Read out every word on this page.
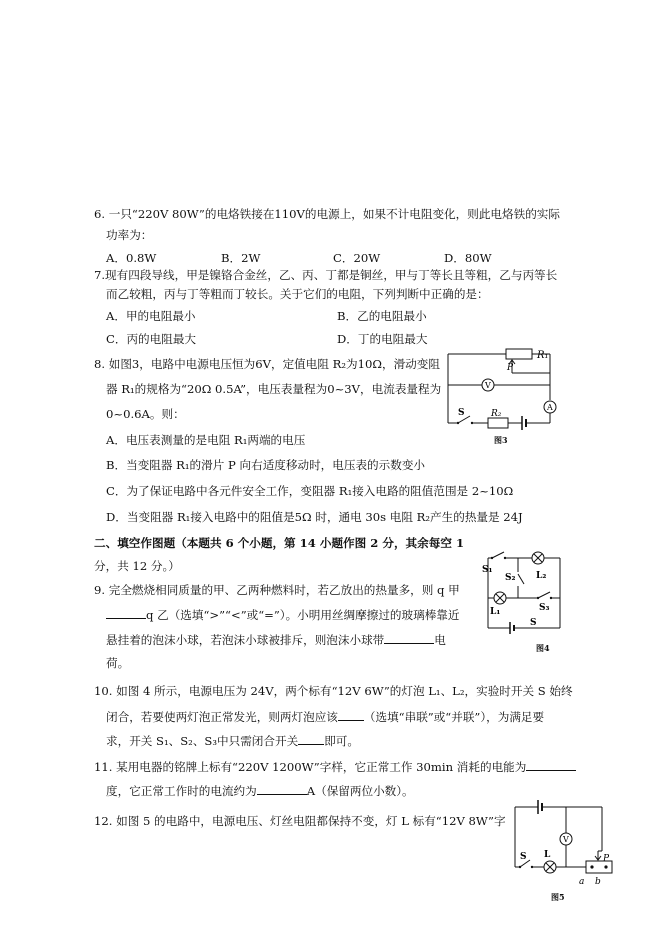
6. 一只“220V 80W”的电烙铁接在110V的电源上，如果不计电阻变化，则此电烙铁的实际
功率为：
A．0.8W	B．2W	C．20W	D．80W
7.现有四段导线，甲是镍铬合金丝，乙、丙、丁都是铜丝，甲与丁等长且等粗，乙与丙等长
而乙较粗，丙与丁等粗而丁较长。关于它们的电阻，下列判断中正确的是：
A．甲的电阻最小	B．乙的电阻最小
C．丙的电阻最大	D．丁的电阻最大
8. 如图3，电路中电源电压恒为6V，定值电阻 R₂为10Ω，滑动变阻
器 R₁的规格为“20Ω 0.5A”，电压表量程为0~3V，电流表量程为
0~0.6A。则：
A．电压表测量的是电阻 R₁两端的电压
B．当变阻器 R₁的滑片 P 向右适度移动时，电压表的示数变小
C．为了保证电路中各元件安全工作，变阻器 R₁接入电路的阻值范围是 2~10Ω
D．当变阻器 R₁接入电路中的阻值是5Ω 时，通电 30s 电阻 R₂产生的热量是 24J
R₁
P
V
A
S	R₂
图3
二、填空作图题（本题共 6 个小题，第 14 小题作图 2 分，其余每空 1
分，共 12 分。）
9. 完全燃烧相同质量的甲、乙两种燃料时，若乙放出的热量多，则 q 甲
q 乙（选填“>”“<”或“=”）。小明用丝绸摩擦过的玻璃棒靠近
悬挂着的泡沫小球，若泡沫小球被排斥，则泡沫小球带	电
荷。
S₁
S₂ L₂
L₁	S₃
S
图4
10. 如图 4 所示，电源电压为 24V，两个标有“12V 6W”的灯泡 L₁、L₂，实验时开关 S 始终
闭合，若要使两灯泡正常发光，则两灯泡应该 （选填“串联”或“并联”），为满足要
求，开关 S₁、S₂、S₃中只需闭合开关 即可。
11. 某用电器的铭牌上标有“220V 1200W”字样，它正常工作 30min 消耗的电能为
度，它正常工作时的电流约为	A（保留两位小数）。
12. 如图 5 的电路中，电源电压、灯丝电阻都保持不变，灯 L 标有“12V 8W”字
V
P
S L
a b
图5
